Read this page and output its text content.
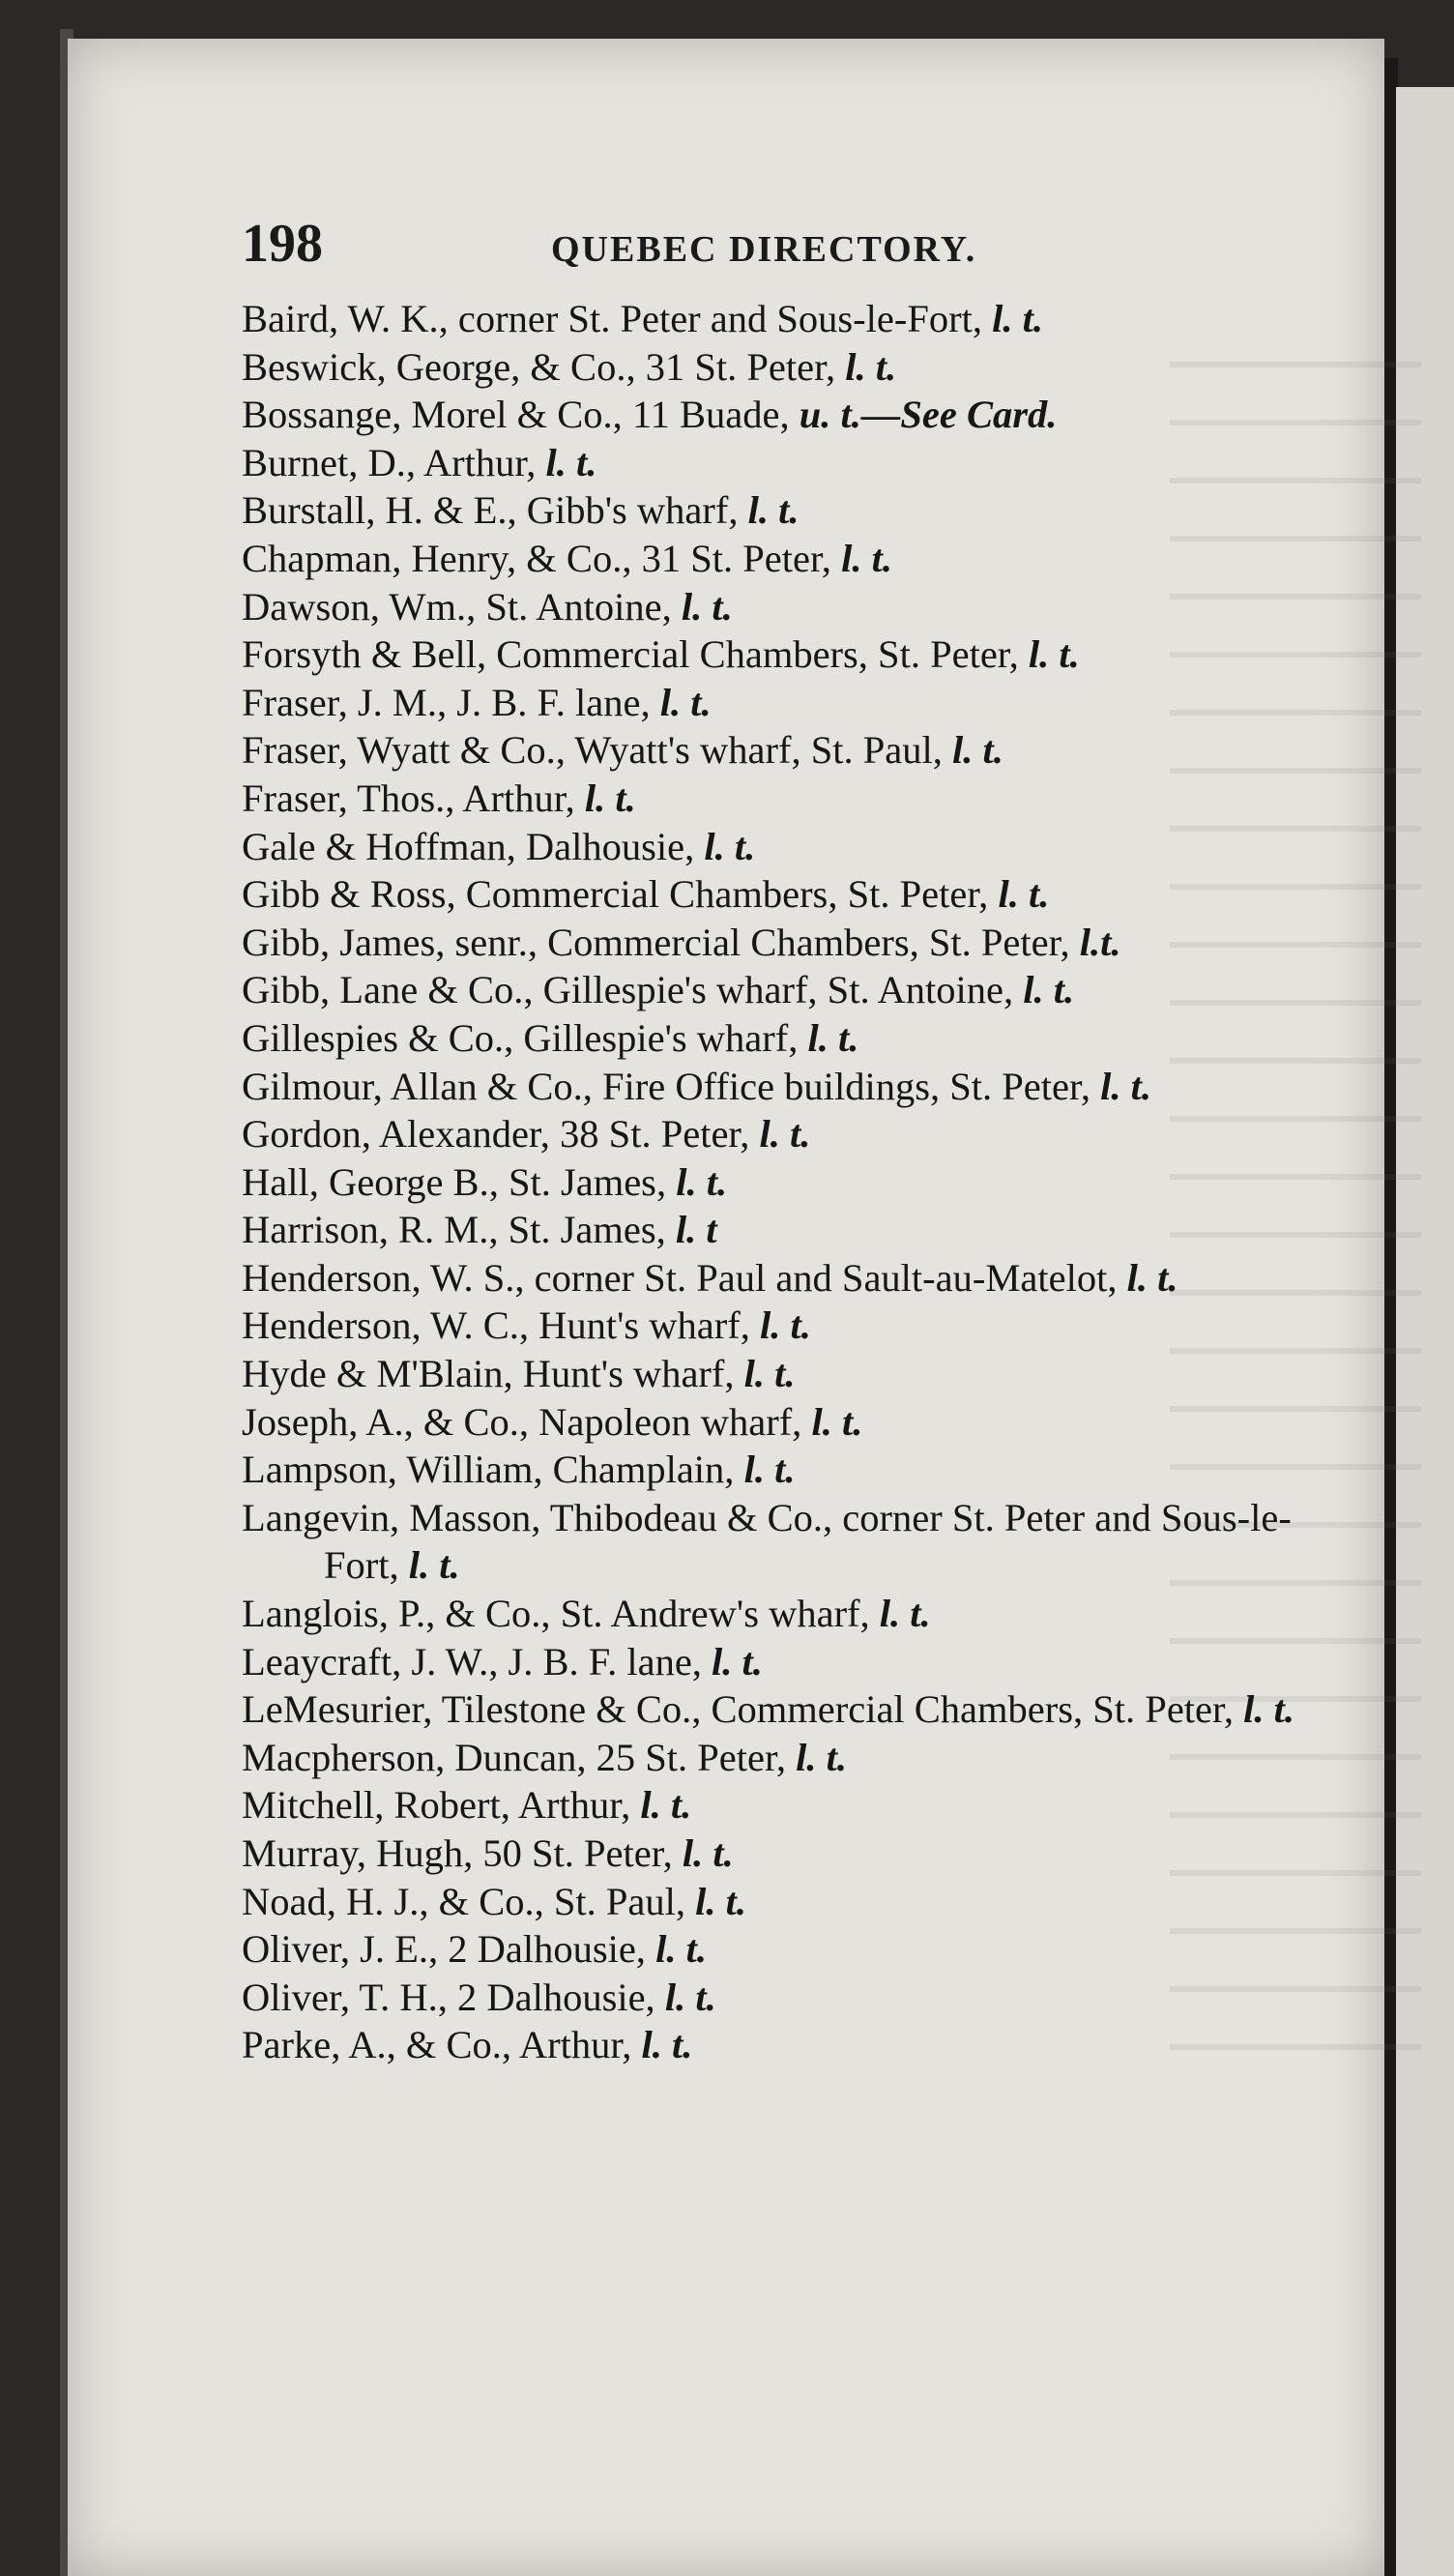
198	QUEBEC DIRECTORY.
Baird, W. K., corner St. Peter and Sous-le-Fort, l. t.
Beswick, George, & Co., 31 St. Peter, l. t.
Bossange, Morel & Co., 11 Buade, u. t.—See Card.
Burnet, D., Arthur, l. t.
Burstall, H. & E., Gibb's wharf, l. t.
Chapman, Henry, & Co., 31 St. Peter, l. t.
Dawson, Wm., St. Antoine, l. t.
Forsyth & Bell, Commercial Chambers, St. Peter, l. t.
Fraser, J. M., J. B. F. lane, l. t.
Fraser, Wyatt & Co., Wyatt's wharf, St. Paul, l. t.
Fraser, Thos., Arthur, l. t.
Gale & Hoffman, Dalhousie, l. t.
Gibb & Ross, Commercial Chambers, St. Peter, l. t.
Gibb, James, senr., Commercial Chambers, St. Peter, l.t.
Gibb, Lane & Co., Gillespie's wharf, St. Antoine, l. t.
Gillespies & Co., Gillespie's wharf, l. t.
Gilmour, Allan & Co., Fire Office buildings, St. Peter, l. t.
Gordon, Alexander, 38 St. Peter, l. t.
Hall, George B., St. James, l. t.
Harrison, R. M., St. James, l. t
Henderson, W. S., corner St. Paul and Sault-au-Matelot, l. t.
Henderson, W. C., Hunt's wharf, l. t.
Hyde & M'Blain, Hunt's wharf, l. t.
Joseph, A., & Co., Napoleon wharf, l. t.
Lampson, William, Champlain, l. t.
Langevin, Masson, Thibodeau & Co., corner St. Peter and Sous-le-Fort, l. t.
Langlois, P., & Co., St. Andrew's wharf, l. t.
Leaycraft, J. W., J. B. F. lane, l. t.
LeMesurier, Tilestone & Co., Commercial Chambers, St. Peter, l. t.
Macpherson, Duncan, 25 St. Peter, l. t.
Mitchell, Robert, Arthur, l. t.
Murray, Hugh, 50 St. Peter, l. t.
Noad, H. J., & Co., St. Paul, l. t.
Oliver, J. E., 2 Dalhousie, l. t.
Oliver, T. H., 2 Dalhousie, l. t.
Parke, A., & Co., Arthur, l. t.
